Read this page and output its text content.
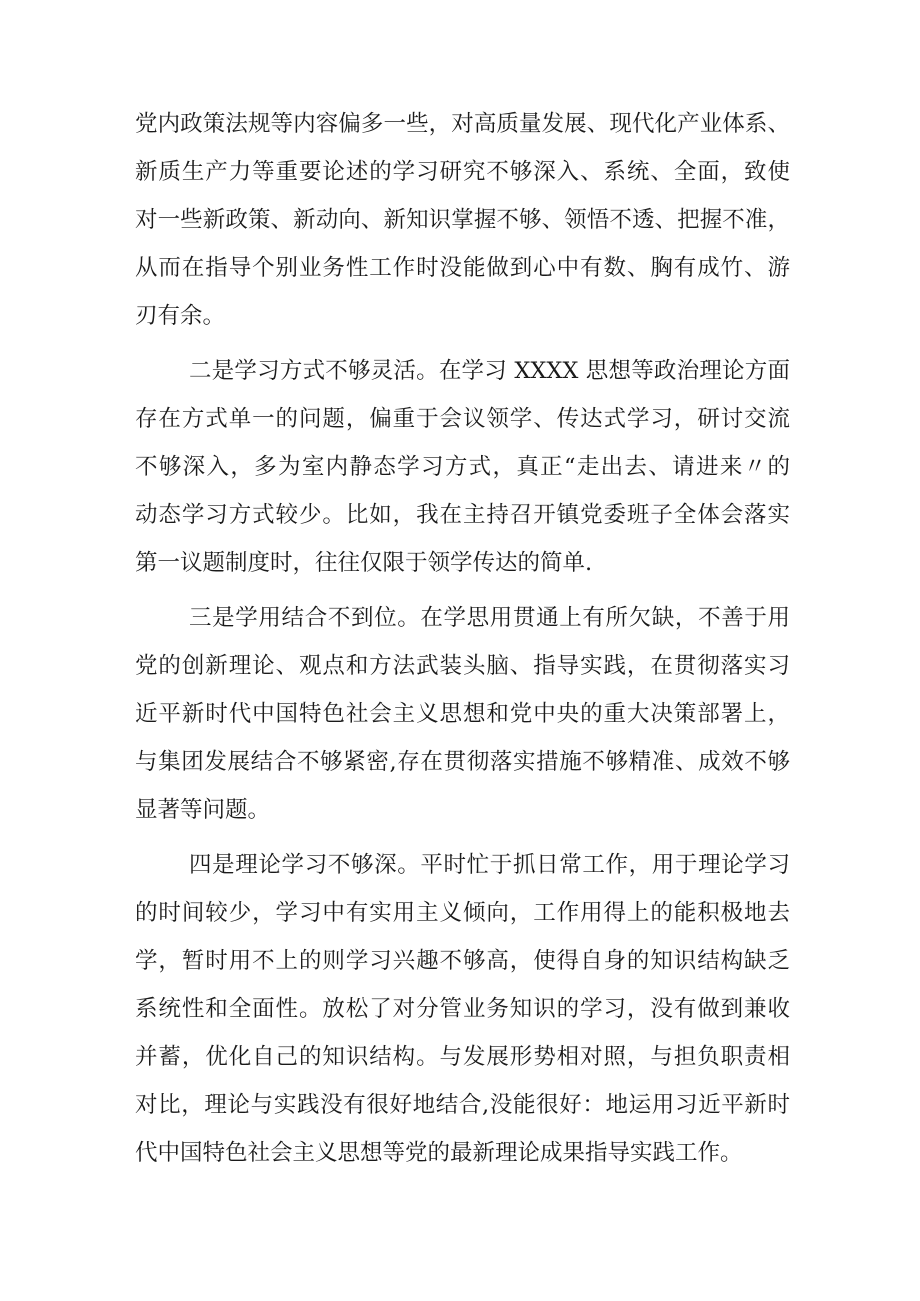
党内政策法规等内容偏多一些，对高质量发展、现代化产业体系、
新质生产力等重要论述的学习研究不够深入、系统、全面，致使
对一些新政策、新动向、新知识掌握不够、领悟不透、把握不准，
从而在指导个别业务性工作时没能做到心中有数、胸有成竹、游
刃有余。
二是学习方式不够灵活。在学习 XXXX 思想等政治理论方面
存在方式单一的问题，偏重于会议领学、传达式学习，研讨交流
不够深入，多为室内静态学习方式，真正“走出去、请进来〃的
动态学习方式较少。比如，我在主持召开镇党委班子全体会落实
第一议题制度时，往往仅限于领学传达的简单.
三是学用结合不到位。在学思用贯通上有所欠缺，不善于用
党的创新理论、观点和方法武装头脑、指导实践，在贯彻落实习
近平新时代中国特色社会主义思想和党中央的重大决策部署上，
与集团发展结合不够紧密,存在贯彻落实措施不够精准、成效不够
显著等问题。
四是理论学习不够深。平时忙于抓日常工作，用于理论学习
的时间较少，学习中有实用主义倾向，工作用得上的能积极地去
学，暂时用不上的则学习兴趣不够高，使得自身的知识结构缺乏
系统性和全面性。放松了对分管业务知识的学习，没有做到兼收
并蓄，优化自己的知识结构。与发展形势相对照，与担负职责相
对比，理论与实践没有很好地结合,没能很好：地运用习近平新时
代中国特色社会主义思想等党的最新理论成果指导实践工作。
